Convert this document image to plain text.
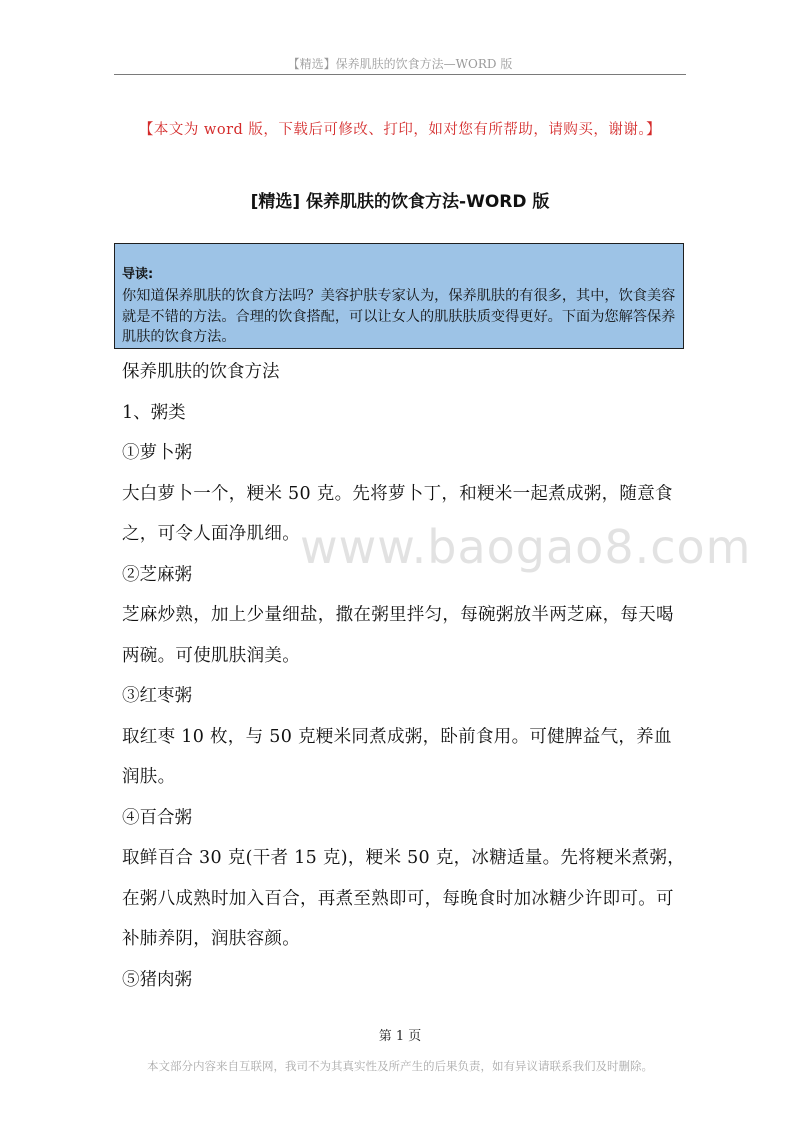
【精选】保养肌肤的饮食方法—WORD 版
【本文为 word 版，下载后可修改、打印，如对您有所帮助，请购买，谢谢。】
[精选] 保养肌肤的饮食方法-WORD 版
导读:
你知道保养肌肤的饮食方法吗？美容护肤专家认为，保养肌肤的有很多，其中，饮食美容就是不错的方法。合理的饮食搭配，可以让女人的肌肤肤质变得更好。下面为您解答保养肌肤的饮食方法。

保养肌肤的饮食方法

1、粥类

①萝卜粥

大白萝卜一个，粳米 50 克。先将萝卜丁，和粳米一起煮成粥，随意食之，可令人面净肌细。

②芝麻粥

芝麻炒熟，加上少量细盐，撒在粥里拌匀，每碗粥放半两芝麻，每天喝两碗。可使肌肤润美。

③红枣粥

取红枣 10 枚，与 50 克粳米同煮成粥，卧前食用。可健脾益气，养血润肤。

④百合粥

取鲜百合 30 克(干者 15 克)，粳米 50 克，冰糖适量。先将粳米煮粥，在粥八成熟时加入百合，再煮至熟即可，每晚食时加冰糖少许即可。可补肺养阴，润肤容颜。

⑤猪肉粥

www.baogao8.com
第 1 页
本文部分内容来自互联网，我司不为其真实性及所产生的后果负责，如有异议请联系我们及时删除。
